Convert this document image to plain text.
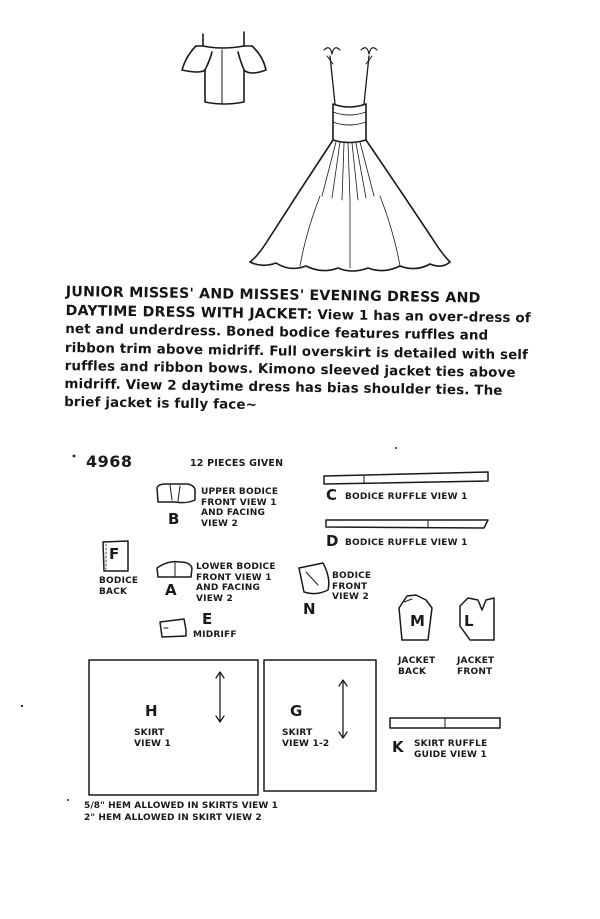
JUNIOR MISSES' AND MISSES' EVENING DRESS AND DAYTIME DRESS WITH JACKET: View 1 has an over-dress of net and underdress. Boned bodice features ruffles and ribbon trim above midriff. Full overskirt is detailed with self ruffles and ribbon bows. Kimono sleeved jacket ties above midriff. View 2 daytime dress has bias shoulder ties. The brief jacket is fully face~

4968	12 PIECES GIVEN
UPPER BODICE
FRONT VIEW 1
AND FACING
VIEW 2
B
C BODICE RUFFLE VIEW 1
D BODICE RUFFLE VIEW 1
F
BODICE
BACK
LOWER BODICE
FRONT VIEW 1
AND FACING
VIEW 2
A
E
MIDRIFF
BODICE
FRONT
VIEW 2
N
M
JACKET
BACK
L
JACKET
FRONT
H
SKIRT
VIEW 1
G
SKIRT
VIEW 1-2	K SKIRT RUFFLE
GUIDE VIEW 1
5/8" HEM ALLOWED IN SKIRTS VIEW 1
2" HEM ALLOWED IN SKIRT VIEW 2
